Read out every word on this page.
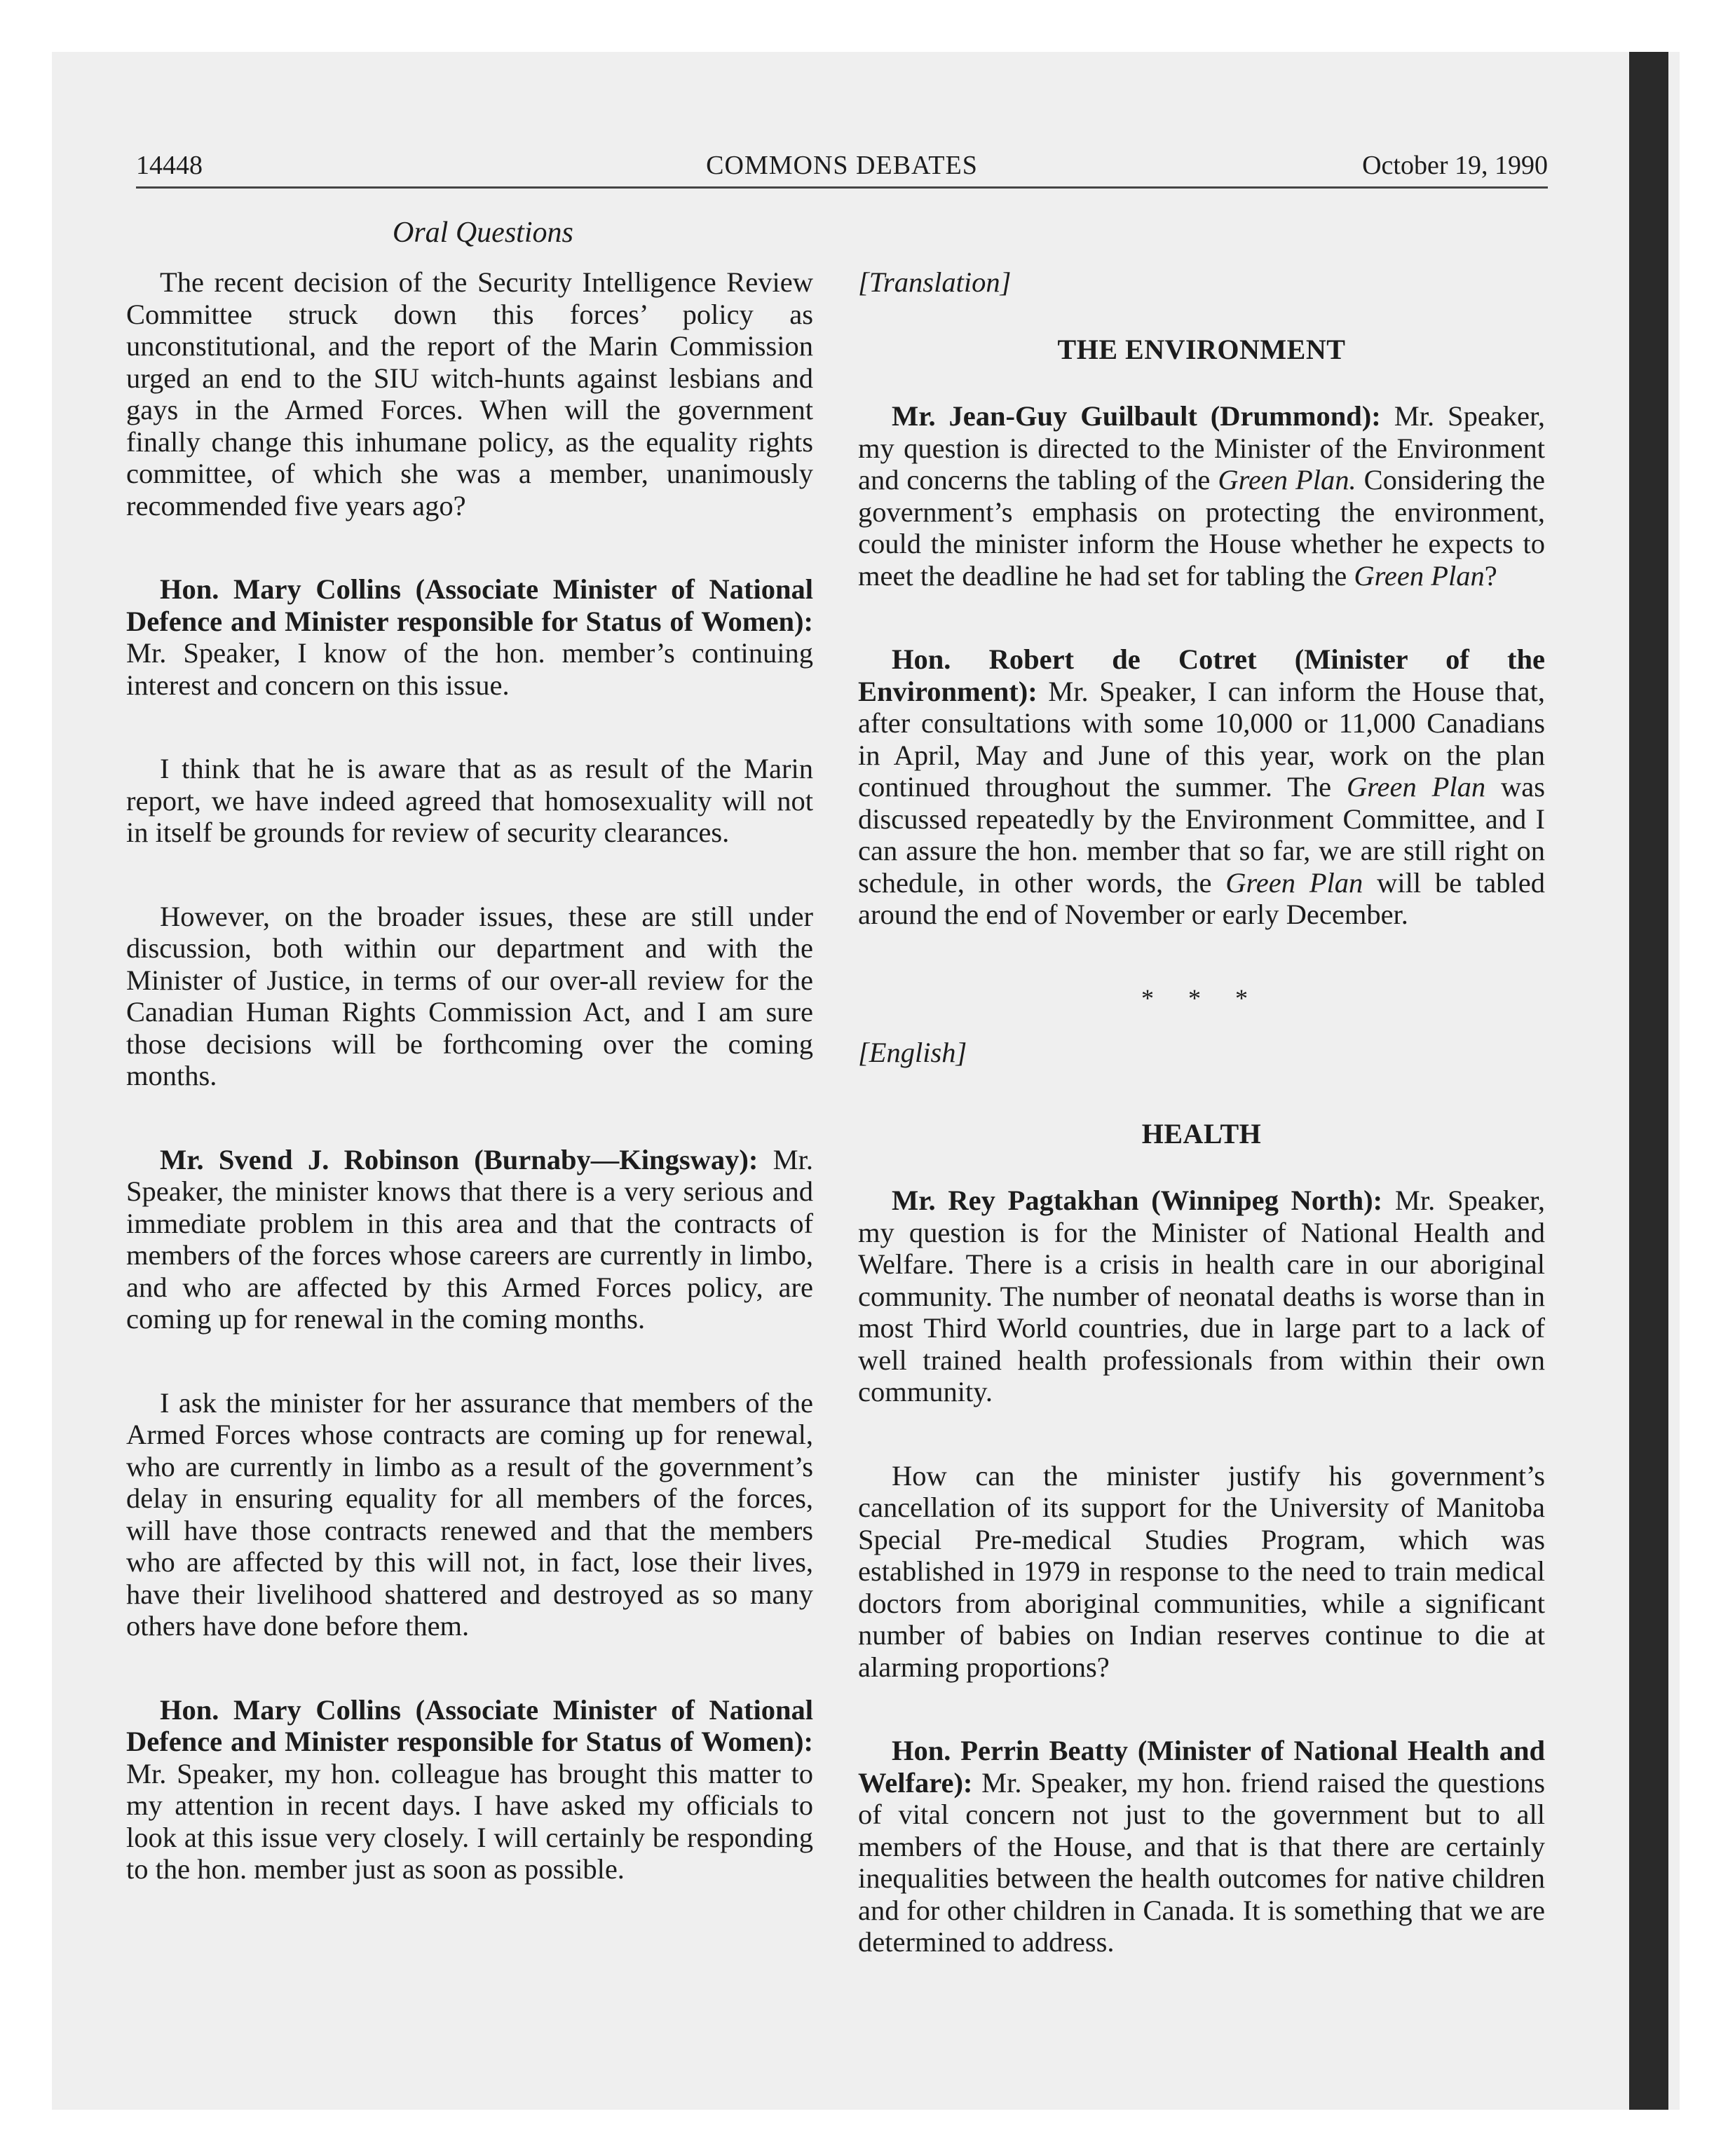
14448	COMMONS DEBATES	October 19, 1990
Oral Questions

The recent decision of the Security Intelligence Review Committee struck down this forces’ policy as unconstitutional, and the report of the Marin Commission urged an end to the SIU witch-hunts against lesbians and gays in the Armed Forces. When will the government finally change this inhumane policy, as the equality rights committee, of which she was a member, unanimously recommended five years ago?

Hon. Mary Collins (Associate Minister of National Defence and Minister responsible for Status of Women): Mr. Speaker, I know of the hon. member’s continuing interest and concern on this issue.

I think that he is aware that as as result of the Marin report, we have indeed agreed that homosexuality will not in itself be grounds for review of security clearances.

However, on the broader issues, these are still under discussion, both within our department and with the Minister of Justice, in terms of our over-all review for the Canadian Human Rights Commission Act, and I am sure those decisions will be forthcoming over the coming months.

Mr. Svend J. Robinson (Burnaby—Kingsway): Mr. Speaker, the minister knows that there is a very serious and immediate problem in this area and that the contracts of members of the forces whose careers are currently in limbo, and who are affected by this Armed Forces policy, are coming up for renewal in the coming months.

I ask the minister for her assurance that members of the Armed Forces whose contracts are coming up for renewal, who are currently in limbo as a result of the government’s delay in ensuring equality for all members of the forces, will have those contracts renewed and that the members who are affected by this will not, in fact, lose their lives, have their livelihood shattered and destroyed as so many others have done before them.

Hon. Mary Collins (Associate Minister of National Defence and Minister responsible for Status of Women): Mr. Speaker, my hon. colleague has brought this matter to my attention in recent days. I have asked my officials to look at this issue very closely. I will certainly be responding to the hon. member just as soon as possible.

[Translation]
THE ENVIRONMENT

Mr. Jean-Guy Guilbault (Drummond): Mr. Speaker, my question is directed to the Minister of the Environment and concerns the tabling of the Green Plan. Considering the government’s emphasis on protecting the environment, could the minister inform the House whether he expects to meet the deadline he had set for tabling the Green Plan?

Hon. Robert de Cotret (Minister of the Environment): Mr. Speaker, I can inform the House that, after consultations with some 10,000 or 11,000 Canadians in April, May and June of this year, work on the plan continued throughout the summer. The Green Plan was discussed repeatedly by the Environment Committee, and I can assure the hon. member that so far, we are still right on schedule, in other words, the Green Plan will be tabled around the end of November or early December.

* * *
[English]
HEALTH

Mr. Rey Pagtakhan (Winnipeg North): Mr. Speaker, my question is for the Minister of National Health and Welfare. There is a crisis in health care in our aboriginal community. The number of neonatal deaths is worse than in most Third World countries, due in large part to a lack of well trained health professionals from within their own community.

How can the minister justify his government’s cancellation of its support for the University of Manitoba Special Pre-medical Studies Program, which was established in 1979 in response to the need to train medical doctors from aboriginal communities, while a significant number of babies on Indian reserves continue to die at alarming proportions?

Hon. Perrin Beatty (Minister of National Health and Welfare): Mr. Speaker, my hon. friend raised the questions of vital concern not just to the government but to all members of the House, and that is that there are certainly inequalities between the health outcomes for native children and for other children in Canada. It is something that we are determined to address.
